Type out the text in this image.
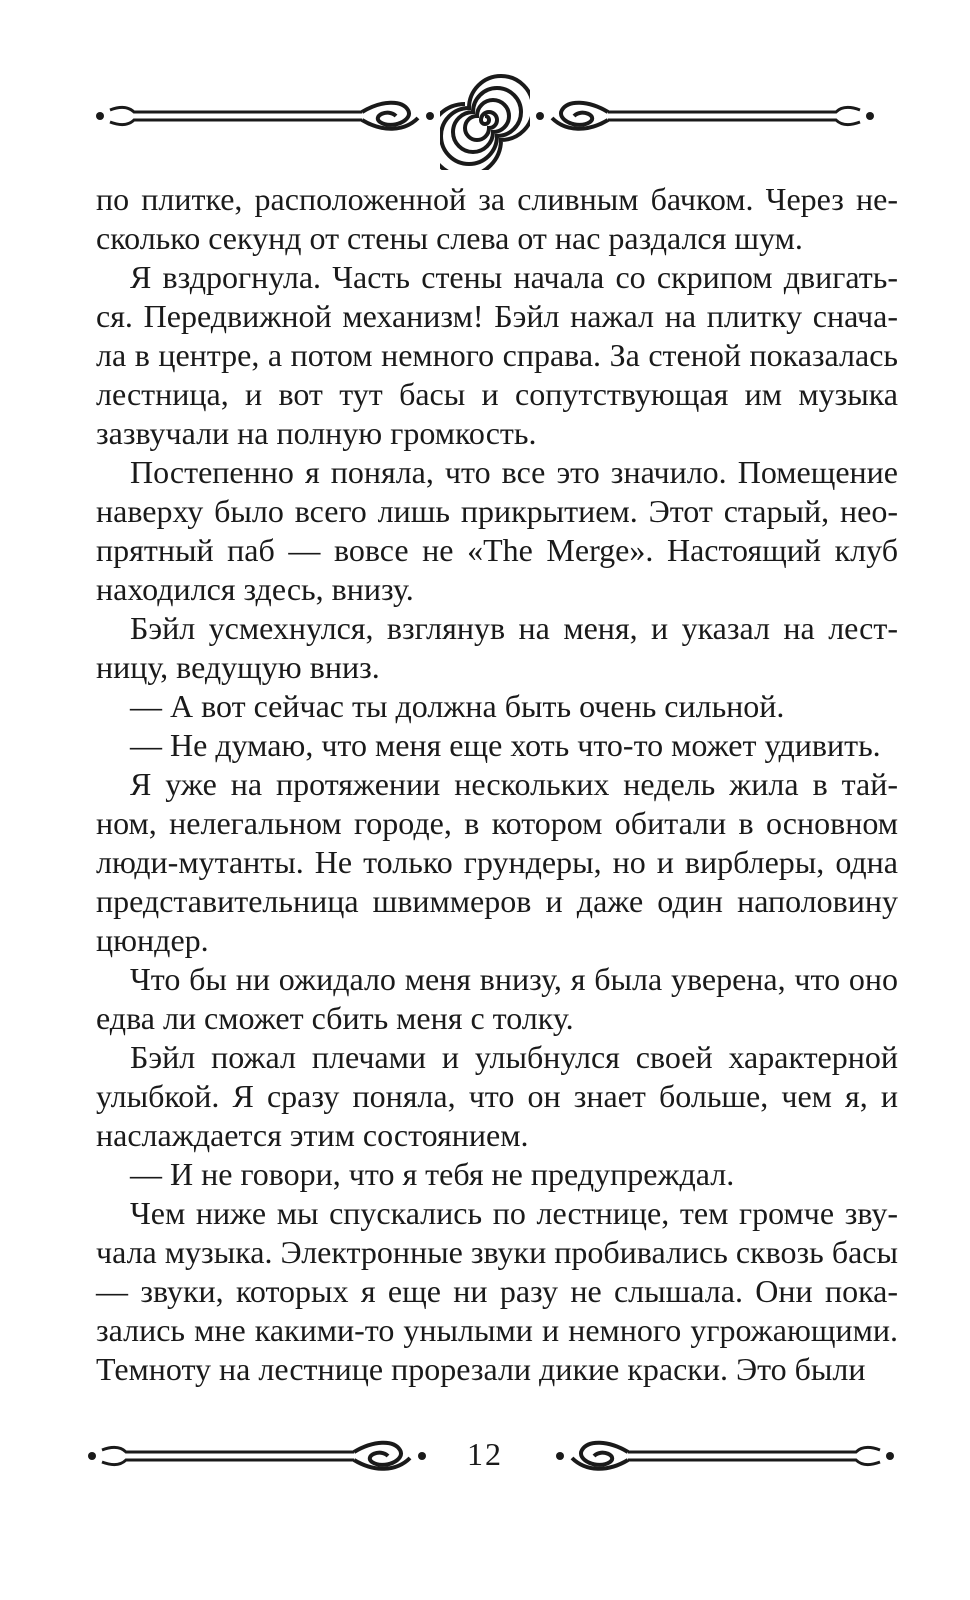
по плитке, расположенной за сливным бачком. Через несколько секунд от стены слева от нас раздался шум.

Я вздрогнула. Часть стены начала со скрипом двигаться. Передвижной механизм! Бэйл нажал на плитку сначала в центре, а потом немного справа. За стеной показалась лестница, и вот тут басы и сопутствующая им музыка зазвучали на полную громкость.

Постепенно я поняла, что все это значило. Помещение наверху было всего лишь прикрытием. Этот старый, неопрятный паб — вовсе не «The Merge». Настоящий клуб находился здесь, внизу.

Бэйл усмехнулся, взглянув на меня, и указал на лестницу, ведущую вниз.

— А вот сейчас ты должна быть очень сильной.

— Не думаю, что меня еще хоть что-то может удивить.

Я уже на протяжении нескольких недель жила в тайном, нелегальном городе, в котором обитали в основном люди-мутанты. Не только грундеры, но и вирблеры, одна представительница швиммеров и даже один наполовину цюндер.

Что бы ни ожидало меня внизу, я была уверена, что оно едва ли сможет сбить меня с толку.

Бэйл пожал плечами и улыбнулся своей характерной улыбкой. Я сразу поняла, что он знает больше, чем я, и наслаждается этим состоянием.

— И не говори, что я тебя не предупреждал.

Чем ниже мы спускались по лестнице, тем громче звучала музыка. Электронные звуки пробивались сквозь басы — звуки, которых я еще ни разу не слышала. Они показались мне какими-то унылыми и немного угрожающими. Темноту на лестнице прорезали дикие краски. Это были

12
